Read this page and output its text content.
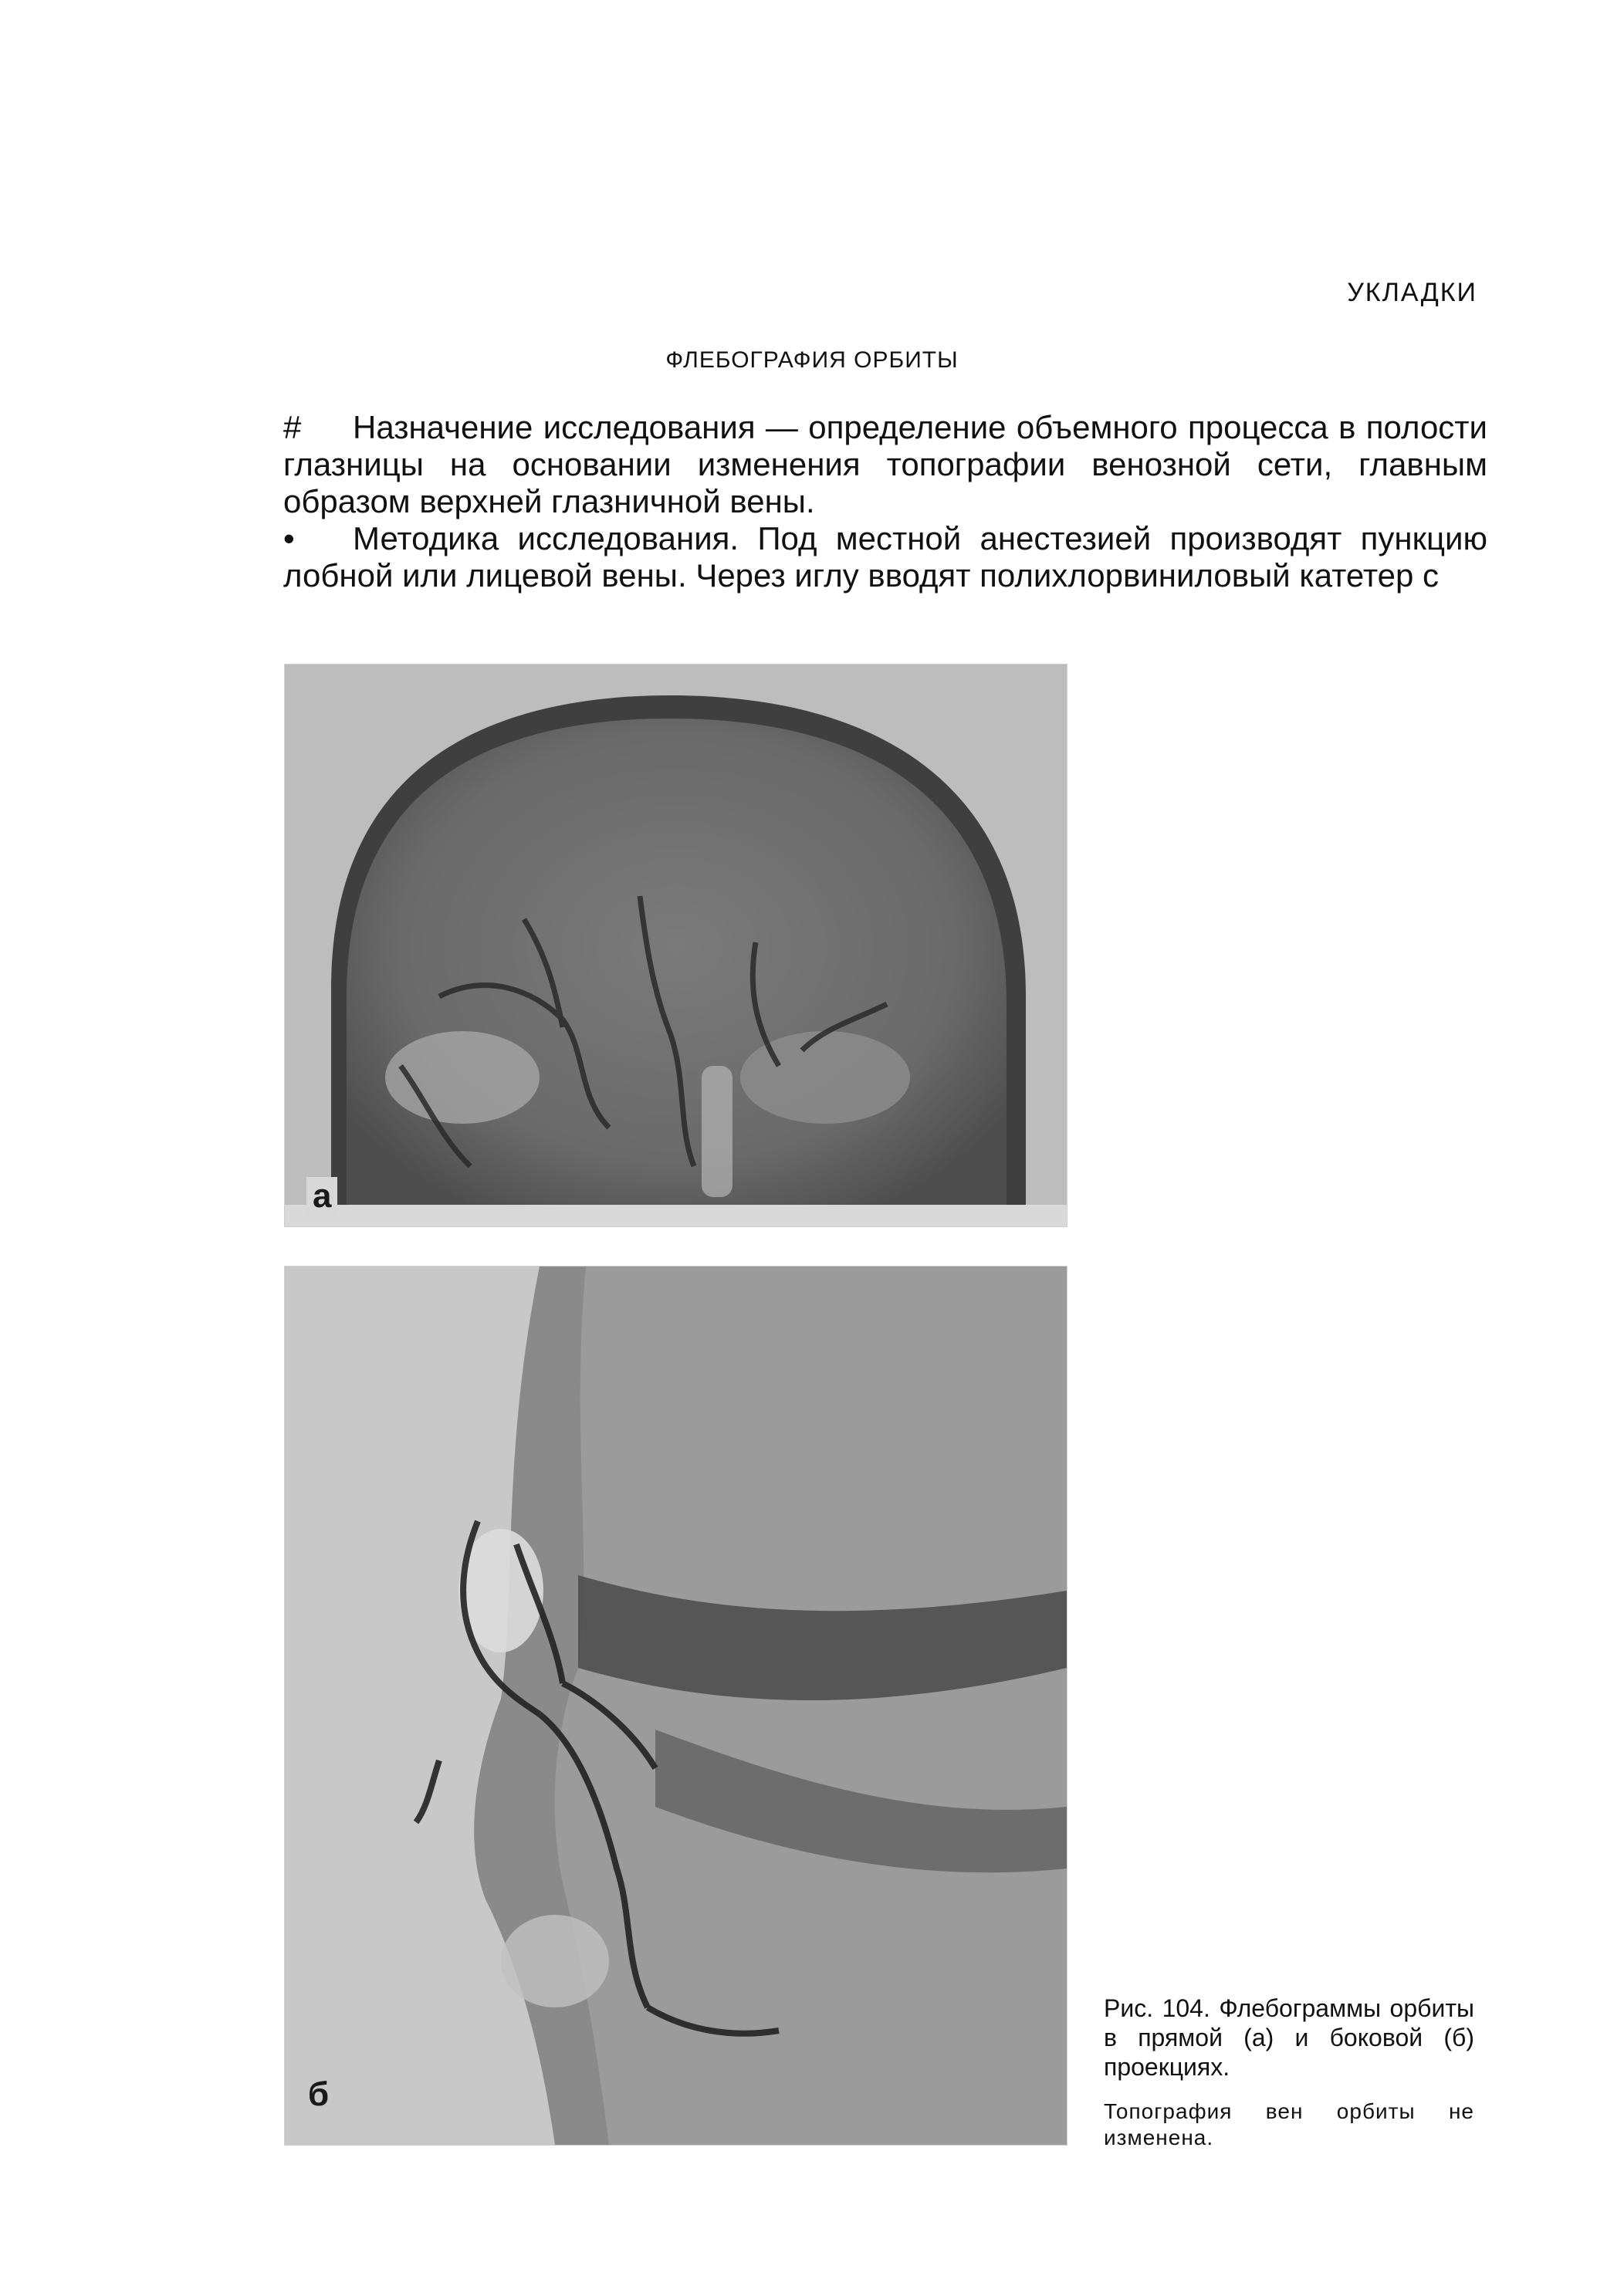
УКЛАДКИ
ФЛЕБОГРАФИЯ ОРБИТЫ

# Назначение исследования — определение объемного процесса в полости глазницы на основании изменения топографии венозной сети, главным образом верхней глазничной вены.

• Методика исследования. Под местной анестезией производят пункцию лобной или лицевой вены. Через иглу вводят полихлорвиниловый катетер с

а
б

Рис. 104. Флебограммы орбиты в прямой (а) и боковой (б) проекциях.

Топография вен орбиты не изменена.
